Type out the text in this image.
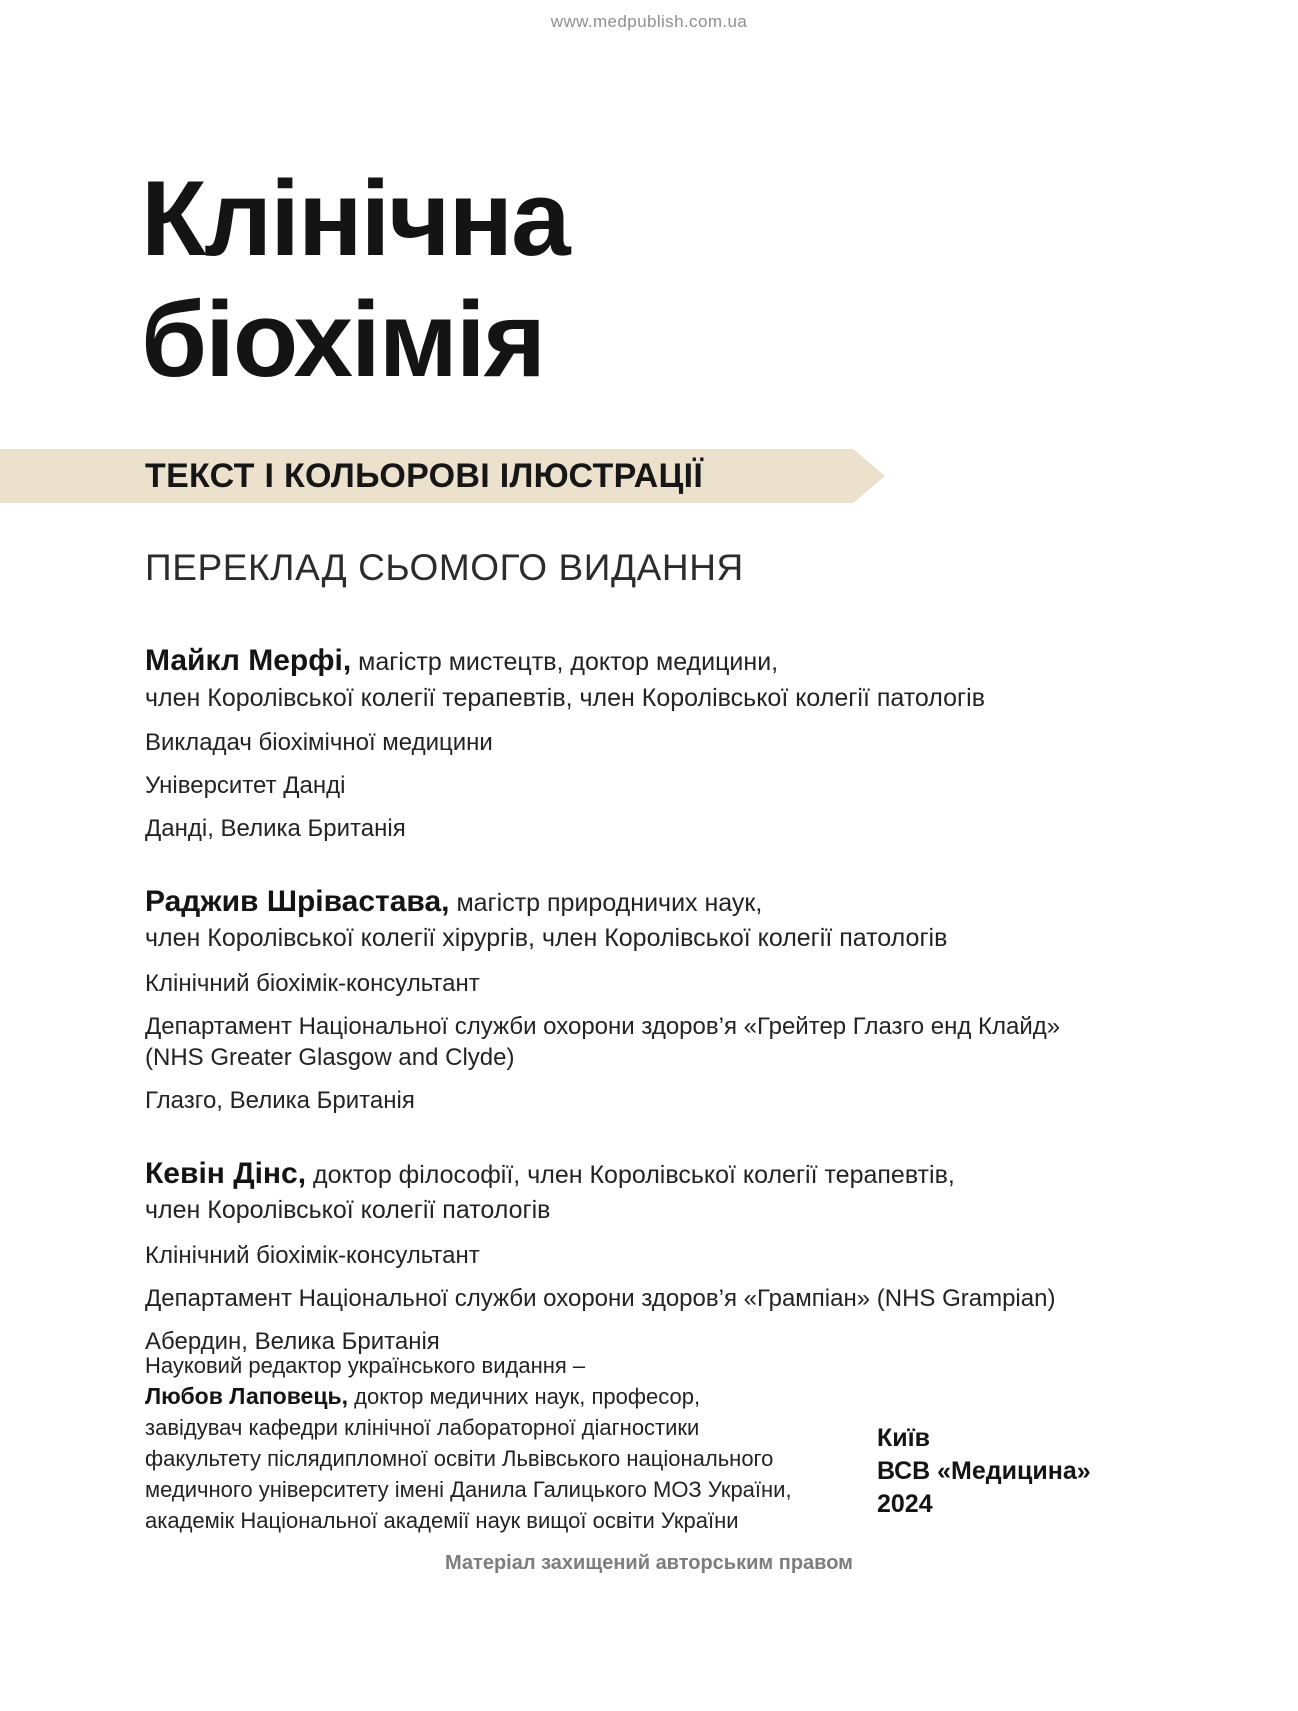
www.medpublish.com.ua
Клінічна
біохімія
ТЕКСТ І КОЛЬОРОВІ ІЛЮСТРАЦІЇ
ПЕРЕКЛАД СЬОМОГО ВИДАННЯ

Майкл Мерфі, магістр мистецтв, доктор медицини,

член Королівської колегії терапевтів, член Королівської колегії патологів

Викладач біохімічної медицини

Університет Данді

Данді, Велика Британія

Раджив Шрівастава, магістр природничих наук,

член Королівської колегії хірургів, член Королівської колегії патологів

Клінічний біохімік-консультант

Департамент Національної служби охорони здоров’я «Грейтер Глазго енд Клайд» (NHS Greater Glasgow and Clyde)

Глазго, Велика Британія

Кевін Дінс, доктор філософії, член Королівської колегії терапевтів,

член Королівської колегії патологів

Клінічний біохімік-консультант

Департамент Національної служби охорони здоров’я «Грампіан» (NHS Grampian)

Абердин, Велика Британія

Науковий редактор українського видання –

Любов Лаповець, доктор медичних наук, професор, завідувач кафедри клінічної лабораторної діагностики факультету післядипломної освіти Львівського національного медичного університету імені Данила Галицького МОЗ України, академік Національної академії наук вищої освіти України

Київ
ВСВ «Медицина»
2024
Матеріал захищений авторським правом
